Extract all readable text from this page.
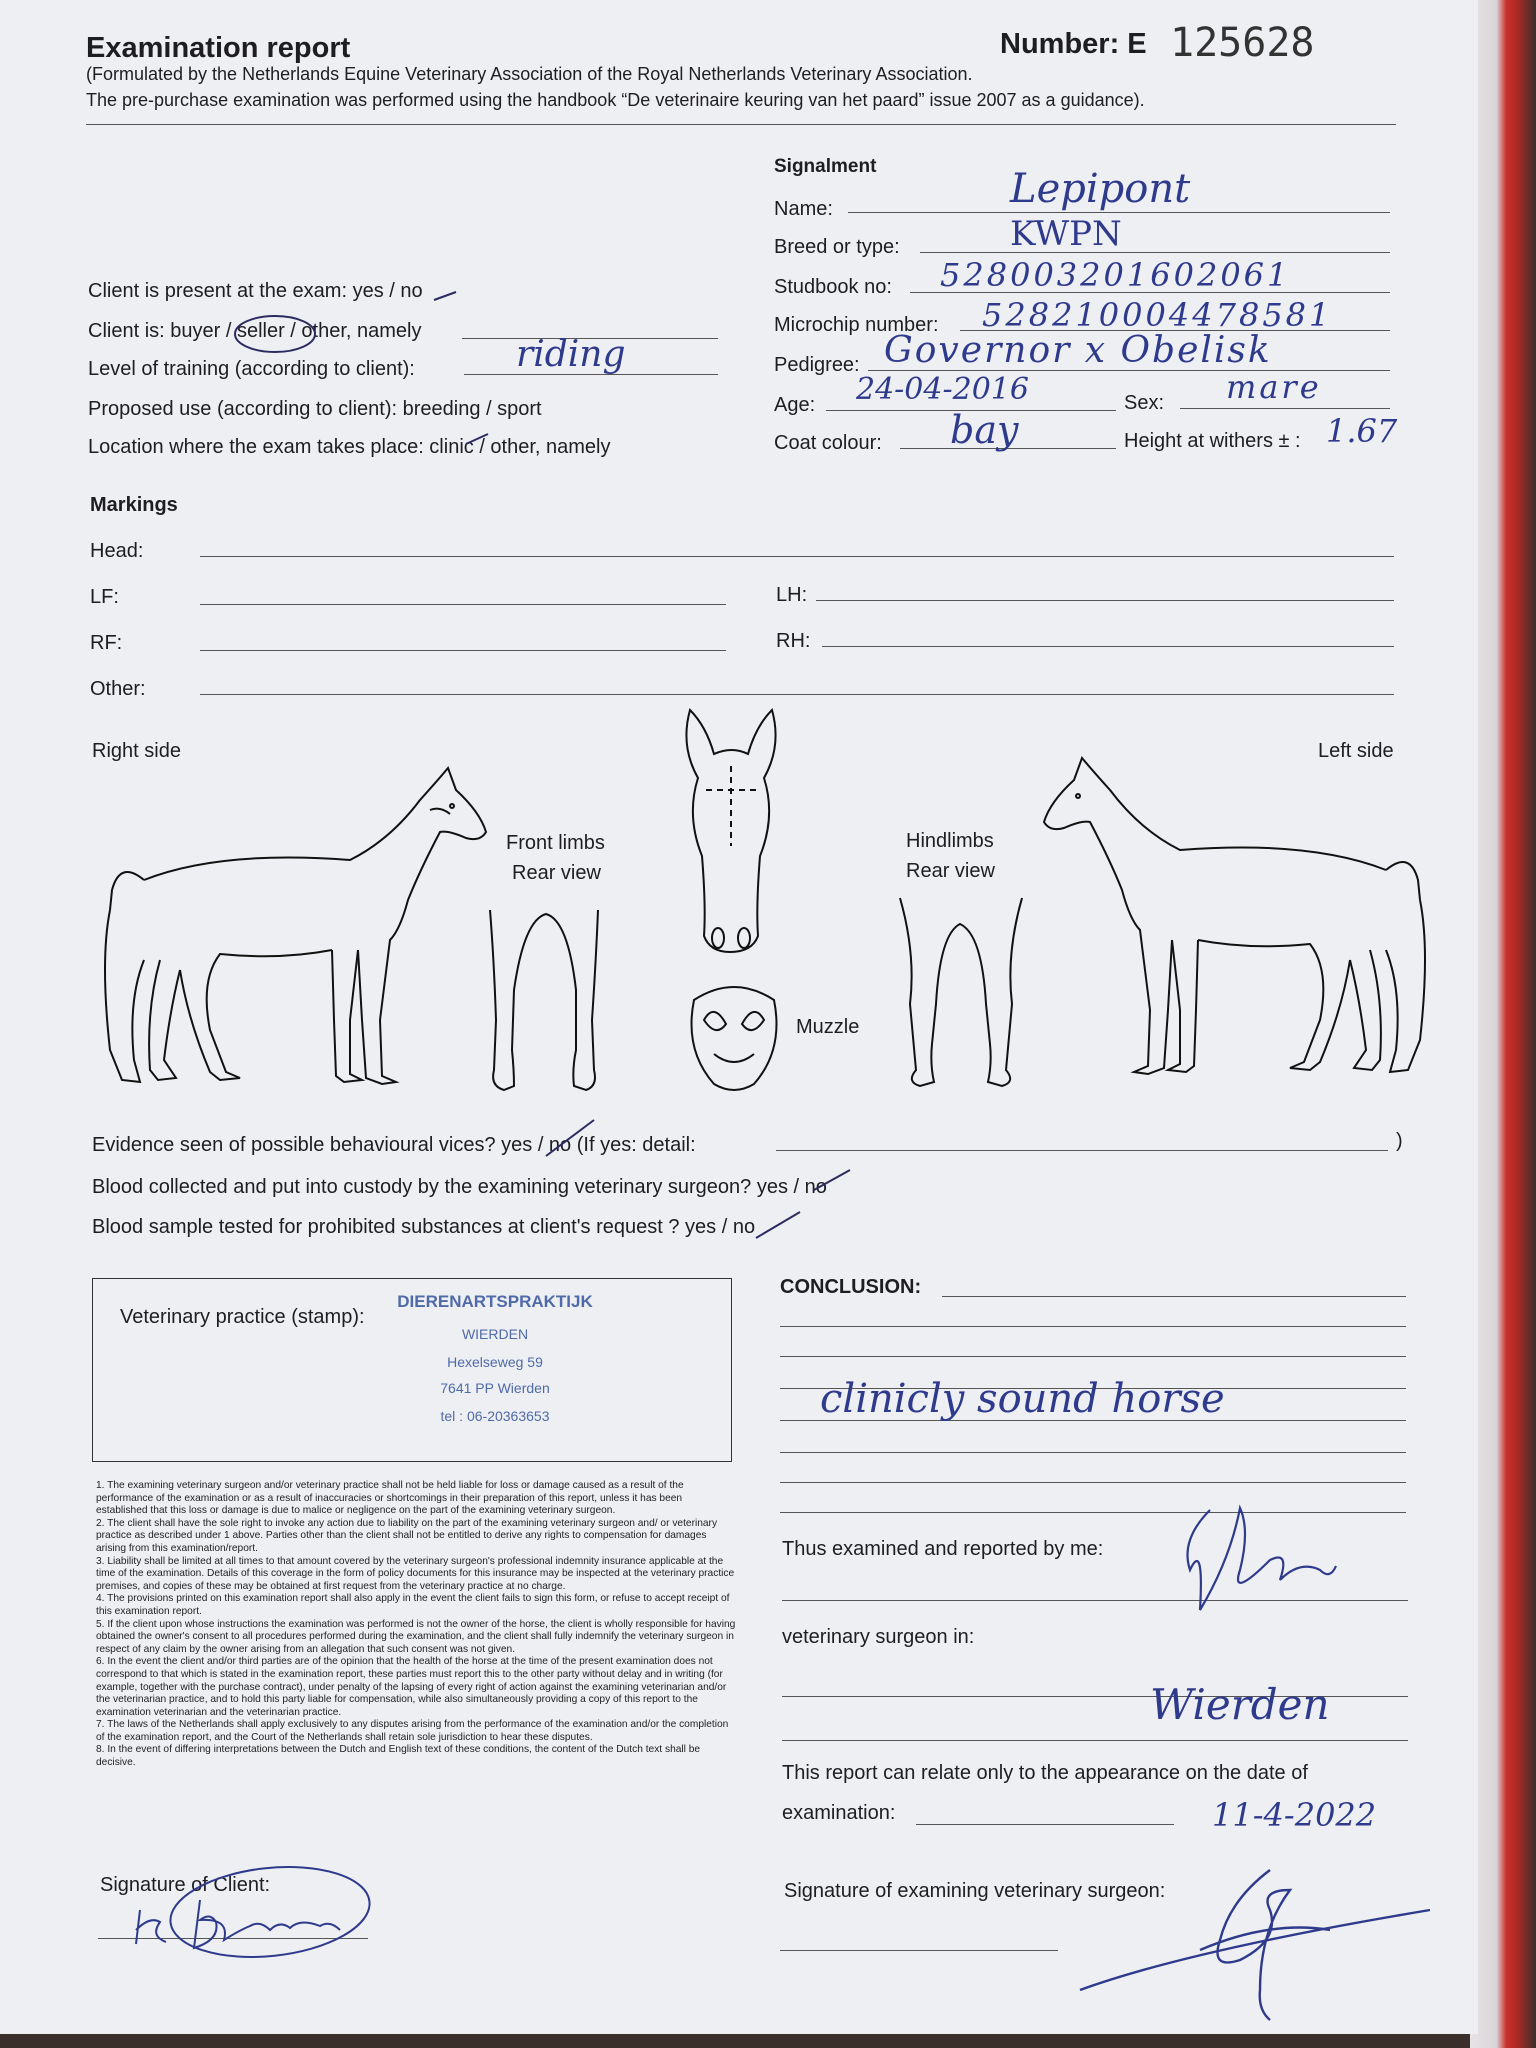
Examination report	Number: E 125628
(Formulated by the Netherlands Equine Veterinary Association of the Royal Netherlands Veterinary Association.
The pre-purchase examination was performed using the handbook “De veterinaire keuring van het paard” issue 2007 as a guidance).
Signalment
Name:	Lepipont
Breed or type:	KWPN
Studbook no: 528003201602061
Microchip number: 528210004478581
Pedigree: Governor x Obelisk
Age: 24-04-2016	Sex: mare
Coat colour: bay	Height at withers ± : 1.67
Client is present at the exam: yes / no
Client is: buyer / seller / other, namely
Level of training (according to client):	riding
Proposed use (according to client): breeding / sport
Location where the exam takes place: clinic / other, namely
Markings
Head:
LF:	LH:
RF:	RH:
Other:
Right side	Left side
Front limbs
Rear view
Hindlimbs
Rear view
Muzzle
Evidence seen of possible behavioural vices? yes / no (If yes: detail:	)
Blood collected and put into custody by the examining veterinary surgeon? yes / no
Blood sample tested for prohibited substances at client's request ? yes / no
Veterinary practice (stamp):
DIERENARTSPRAKTIJK
WIERDEN
Hexelseweg 59
7641 PP Wierden
tel : 06-20363653
1. The examining veterinary surgeon and/or veterinary practice shall not be held liable for loss or damage caused as a result of the performance of the examination or as a result of inaccuracies or shortcomings in their preparation of this report, unless it has been established that this loss or damage is due to malice or negligence on the part of the examining veterinary surgeon.
2. The client shall have the sole right to invoke any action due to liability on the part of the examining veterinary surgeon and/ or veterinary practice as described under 1 above. Parties other than the client shall not be entitled to derive any rights to compensation for damages arising from this examination/report.
3. Liability shall be limited at all times to that amount covered by the veterinary surgeon's professional indemnity insurance applicable at the time of the examination. Details of this coverage in the form of policy documents for this insurance may be inspected at the veterinary practice premises, and copies of these may be obtained at first request from the veterinary practice at no charge.
4. The provisions printed on this examination report shall also apply in the event the client fails to sign this form, or refuse to accept receipt of this examination report.
5. If the client upon whose instructions the examination was performed is not the owner of the horse, the client is wholly responsible for having obtained the owner's consent to all procedures performed during the examination, and the client shall fully indemnify the veterinary surgeon in respect of any claim by the owner arising from an allegation that such consent was not given.
6. In the event the client and/or third parties are of the opinion that the health of the horse at the time of the present examination does not correspond to that which is stated in the examination report, these parties must report this to the other party without delay and in writing (for example, together with the purchase contract), under penalty of the lapsing of every right of action against the examining veterinarian and/or the veterinarian practice, and to hold this party liable for compensation, while also simultaneously providing a copy of this report to the examination veterinarian and the veterinarian practice.
7. The laws of the Netherlands shall apply exclusively to any disputes arising from the performance of the examination and/or the completion of the examination report, and the Court of the Netherlands shall retain sole jurisdiction to hear these disputes.
8. In the event of differing interpretations between the Dutch and English text of these conditions, the content of the Dutch text shall be decisive.
Signature of Client:
CONCLUSION:
clinicly sound horse
Thus examined and reported by me:
veterinary surgeon in:
Wierden
This report can relate only to the appearance on the date of
examination:	11-4-2022
Signature of examining veterinary surgeon:
